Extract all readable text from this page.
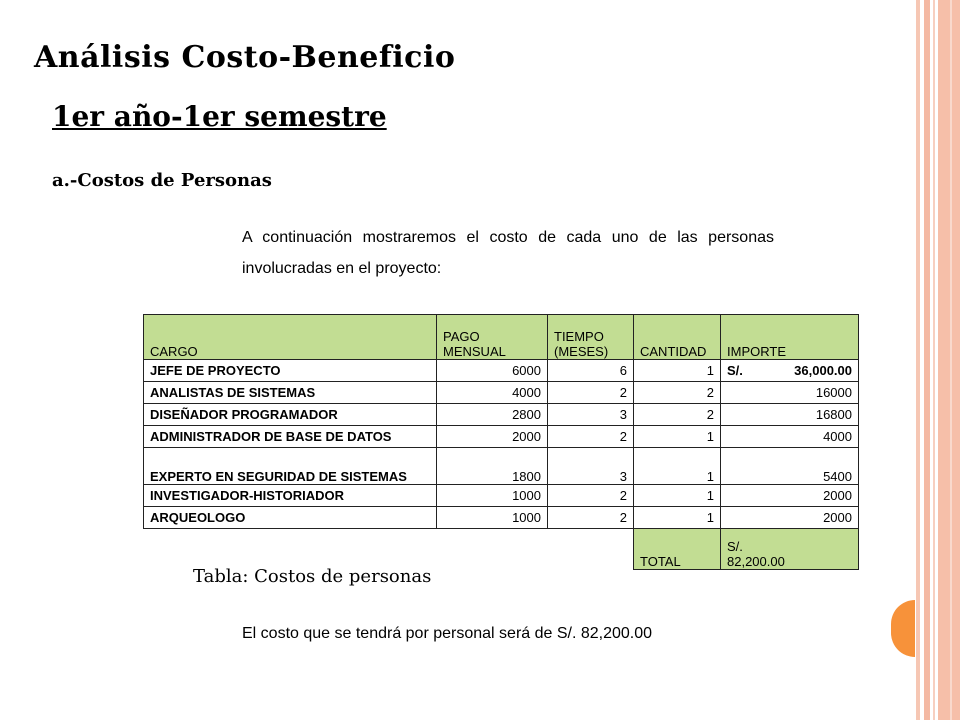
Análisis Costo-Beneficio
1er año-1er semestre
a.-Costos de Personas
A continuación mostraremos el costo de cada uno de las personas involucradas en el proyecto:
CARGO	PAGO MENSUAL	TIEMPO (MESES)	CANTIDAD	IMPORTE
JEFE DE PROYECTO	6000	6	1	S/. 36,000.00
ANALISTAS DE SISTEMAS	4000	2	2	16000
DISEÑADOR PROGRAMADOR	2800	3	2	16800
ADMINISTRADOR DE BASE DE DATOS	2000	2	1	4000
EXPERTO EN SEGURIDAD DE SISTEMAS	1800	3	1	5400
INVESTIGADOR-HISTORIADOR	1000	2	1	2000
ARQUEOLOGO	1000	2	1	2000
			TOTAL	S/.
82,200.00
Tabla: Costos de personas
El costo que se tendrá por personal será de S/. 82,200.00
